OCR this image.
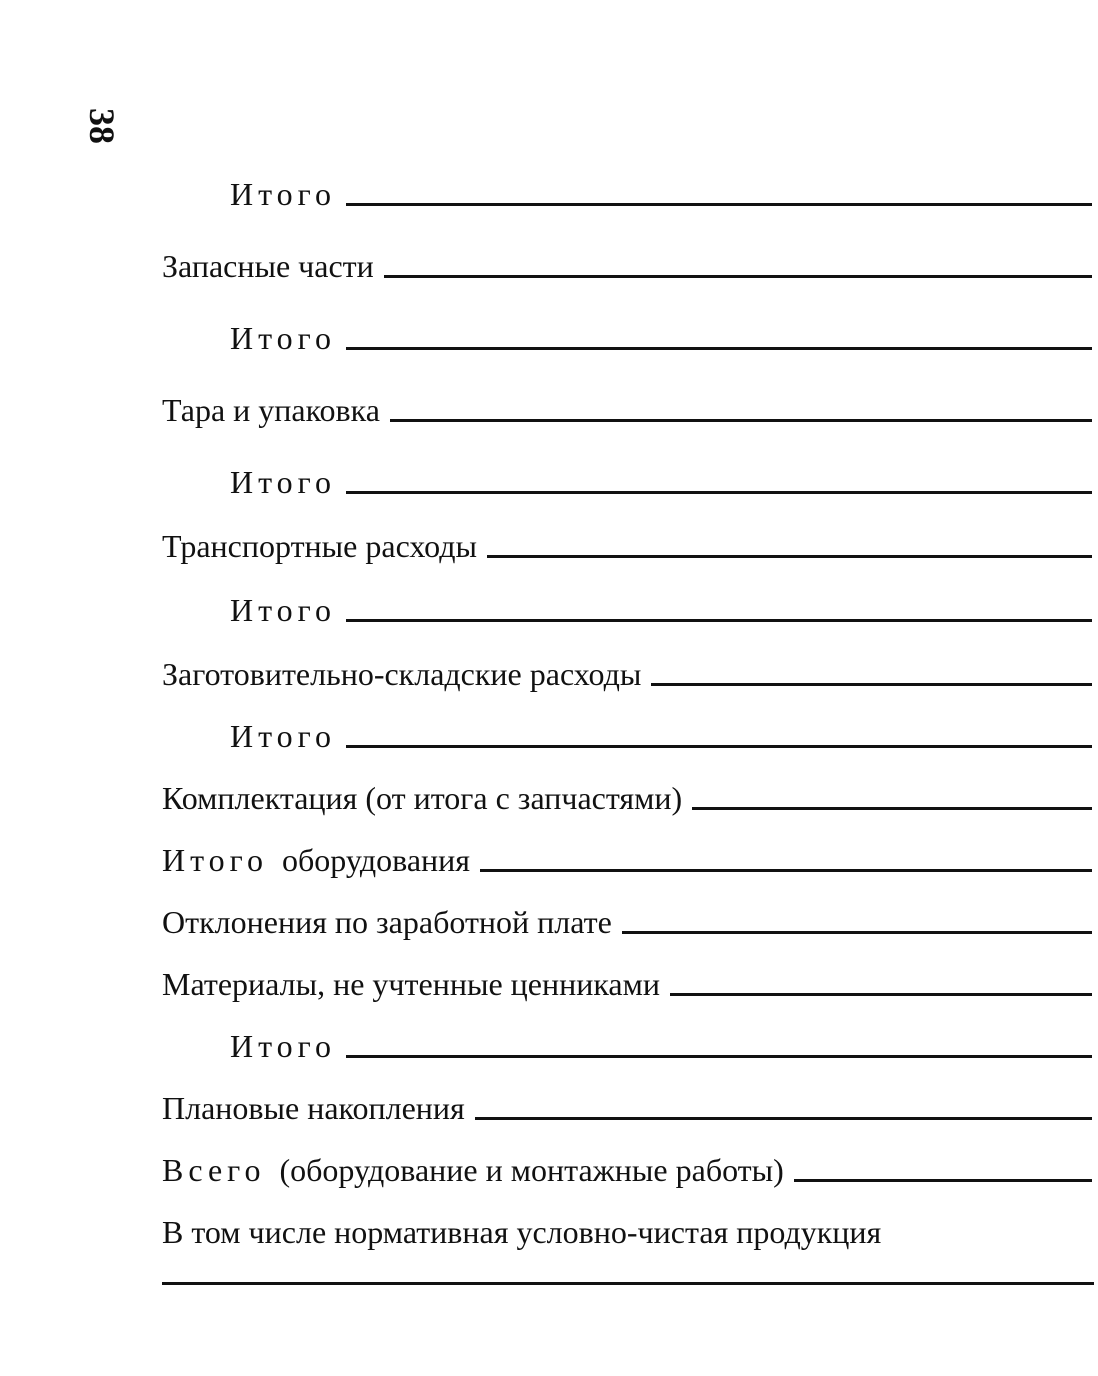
38
Итого
Запасные части
Итого
Тара и упаковка
Итого
Транспортные расходы
Итого
Заготовительно-складские расходы
Итого
Комплектация (от итога с запчастями)
Итого оборудования
Отклонения по заработной плате
Материалы, не учтенные ценниками
Итого
Плановые накопления
Всего (оборудование и монтажные работы)
В том числе нормативная условно-чистая продукция
